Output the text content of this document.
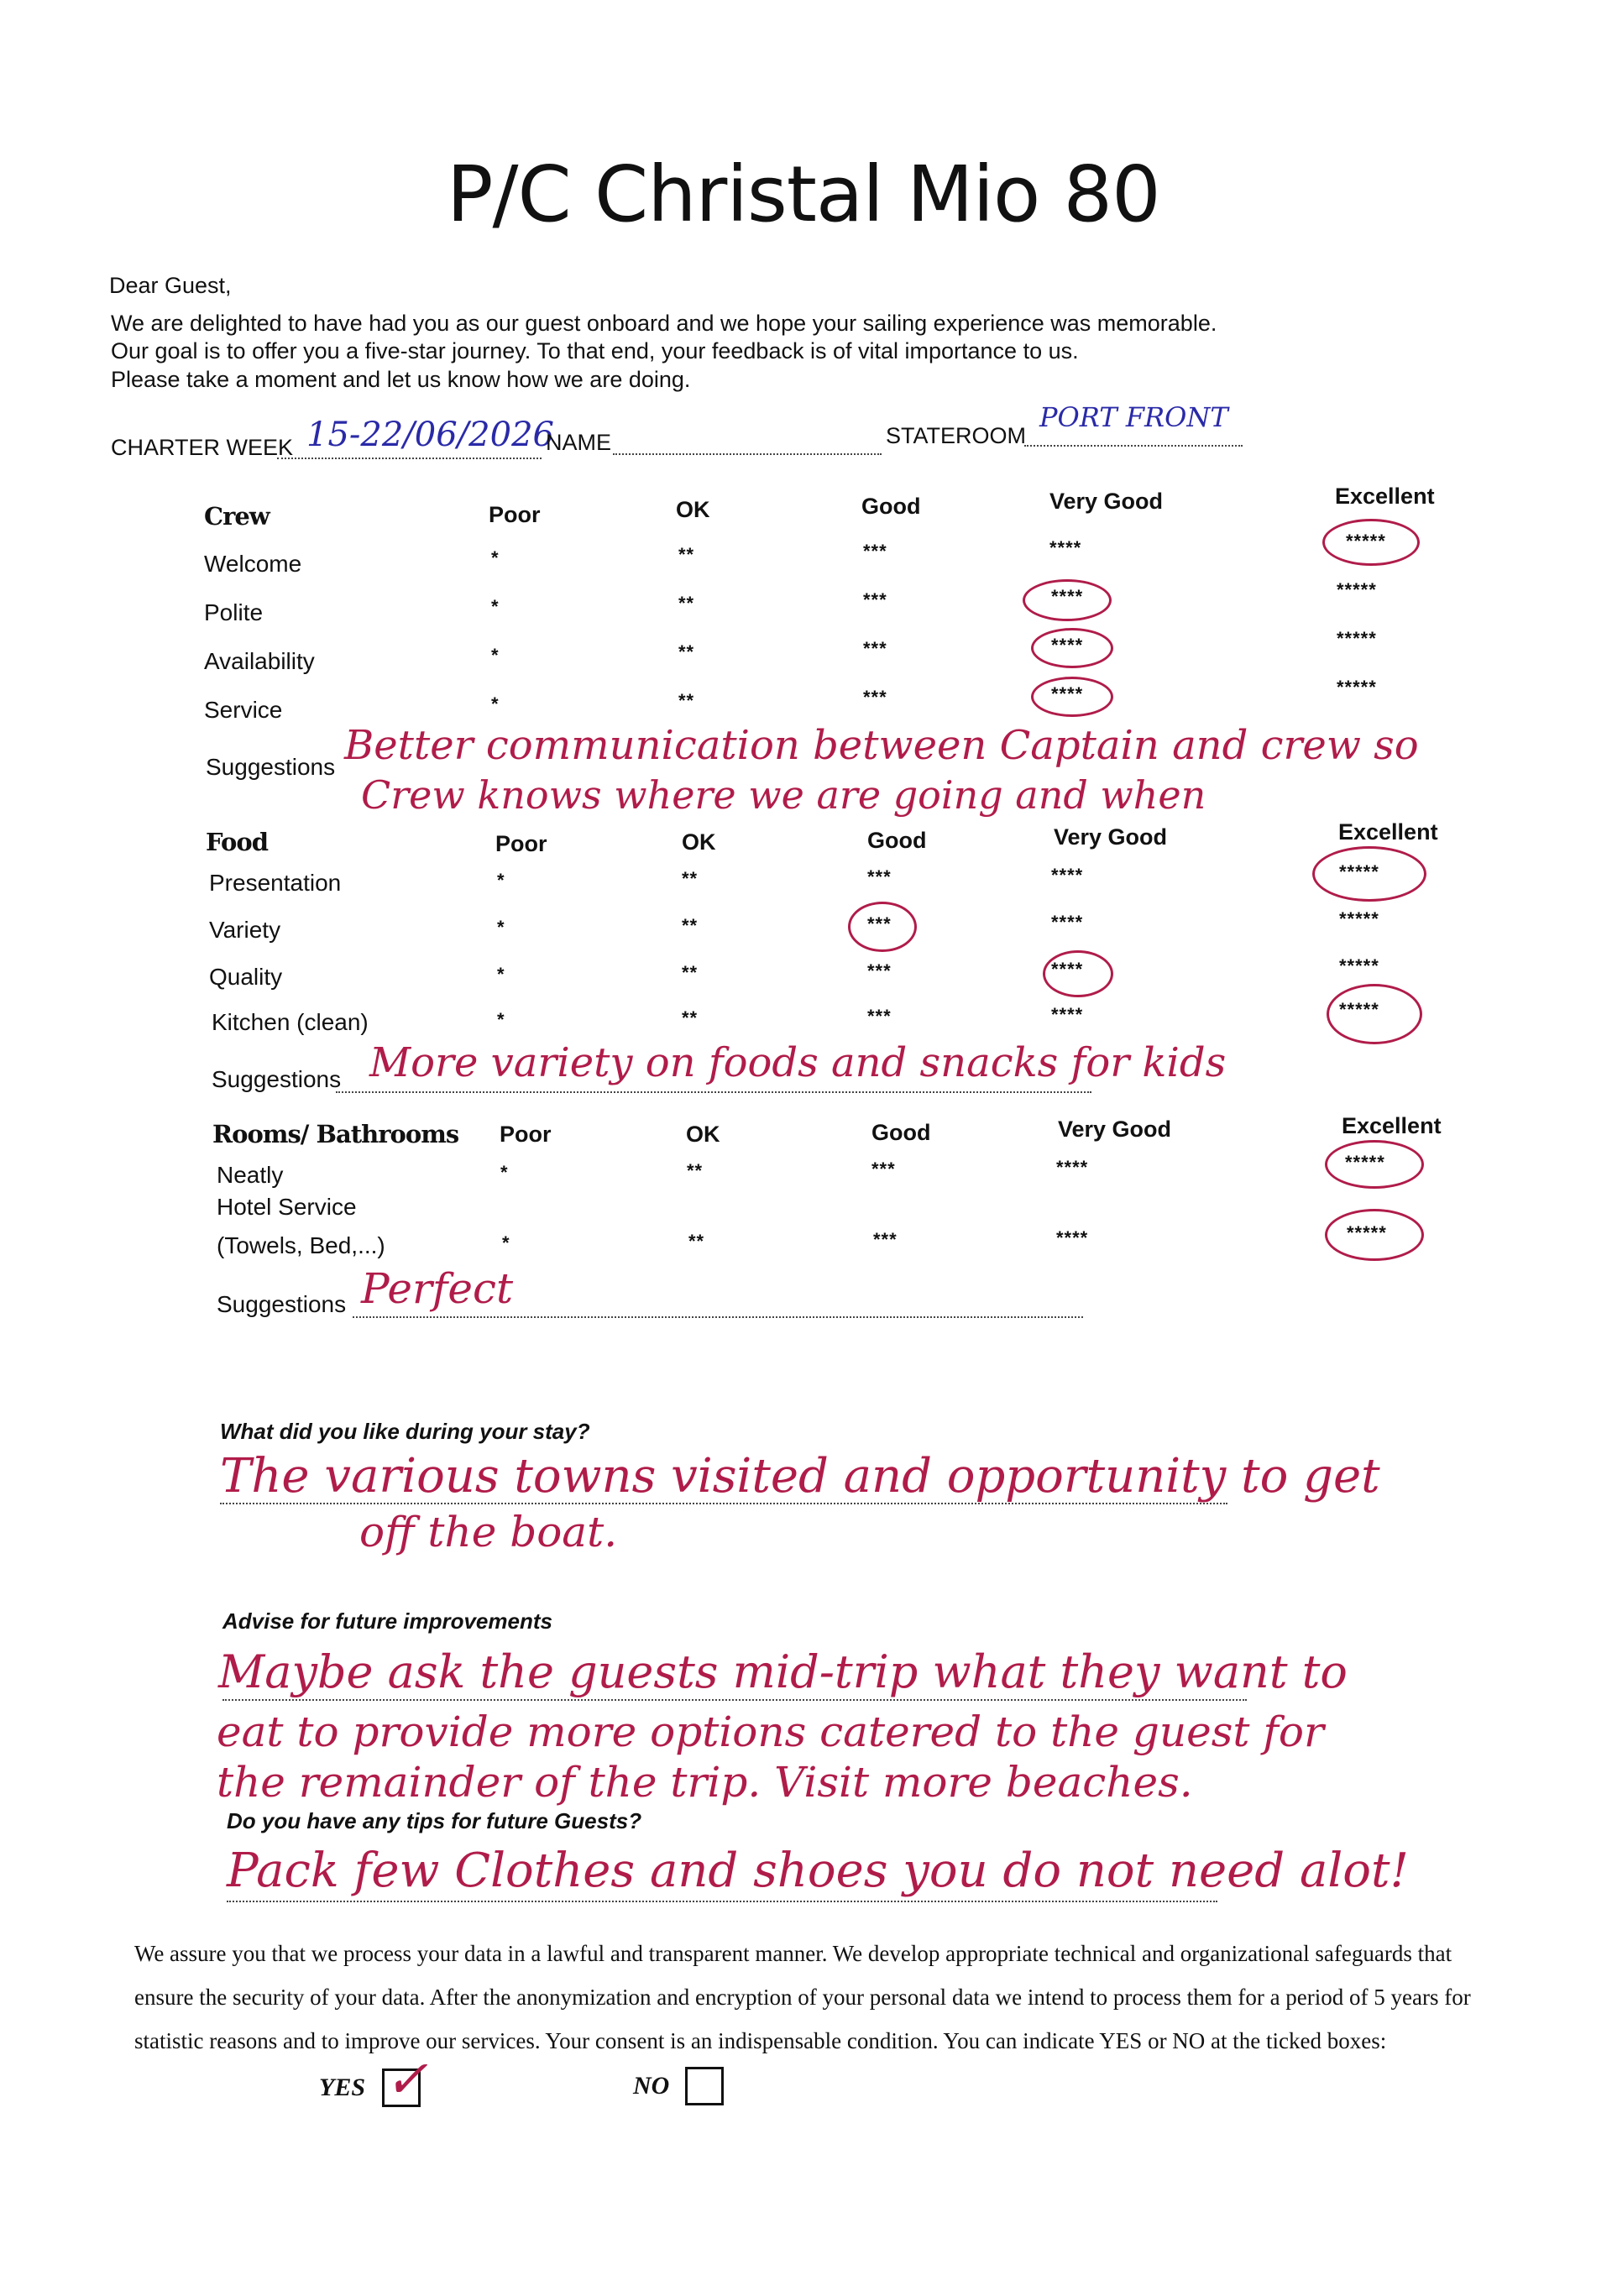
P/C Christal Mio 80
Dear Guest,
We are delighted to have had you as our guest onboard and we hope your sailing experience was memorable.
Our goal is to offer you a five-star journey. To that end, your feedback is of vital importance to us.
Please take a moment and let us know how we are doing.
CHARTER WEEK 15-22/06/2026
NAME	STATEROOM
PORT FRONT
Crew	Poor	OK	Good	Very Good	Excellent
Welcome	*	**	***	****	*****
Polite	*	**	***	****	*****
Availability	*	**	***	****	*****
Service	*	**	***	****	*****
Suggestions Better communication between Captain and crew so
Crew knows where we are going and when
Food	Poor	OK	Good	Very Good	Excellent
Presentation	*	**	***	****	*****
Variety	*	**	***	****	*****
Quality	*	**	***	****	*****
Kitchen (clean)	*	**	***	****	*****
Suggestions More variety on foods and snacks for kids
Rooms/ Bathrooms Poor	OK	Good	Very Good	Excellent
Neatly	*	**	***	****	*****
Hotel Service
(Towels, Bed,...)	*	**	***	****	*****
Suggestions Perfect
What did you like during your stay?
The various towns visited and opportunity to get
off the boat.
Advise for future improvements
Maybe ask the guests mid-trip what they want to
eat to provide more options catered to the guest for
the remainder of the trip. Visit more beaches.
Do you have any tips for future Guests?
Pack few Clothes and shoes you do not need alot!
We assure you that we process your data in a lawful and transparent manner. We develop appropriate technical and organizational safeguards that
ensure the security of your data. After the anonymization and encryption of your personal data we intend to process them for a period of 5 years for
statistic reasons and to improve our services. Your consent is an indispensable condition. You can indicate YES or NO at the ticked boxes:
YES ✓	NO
